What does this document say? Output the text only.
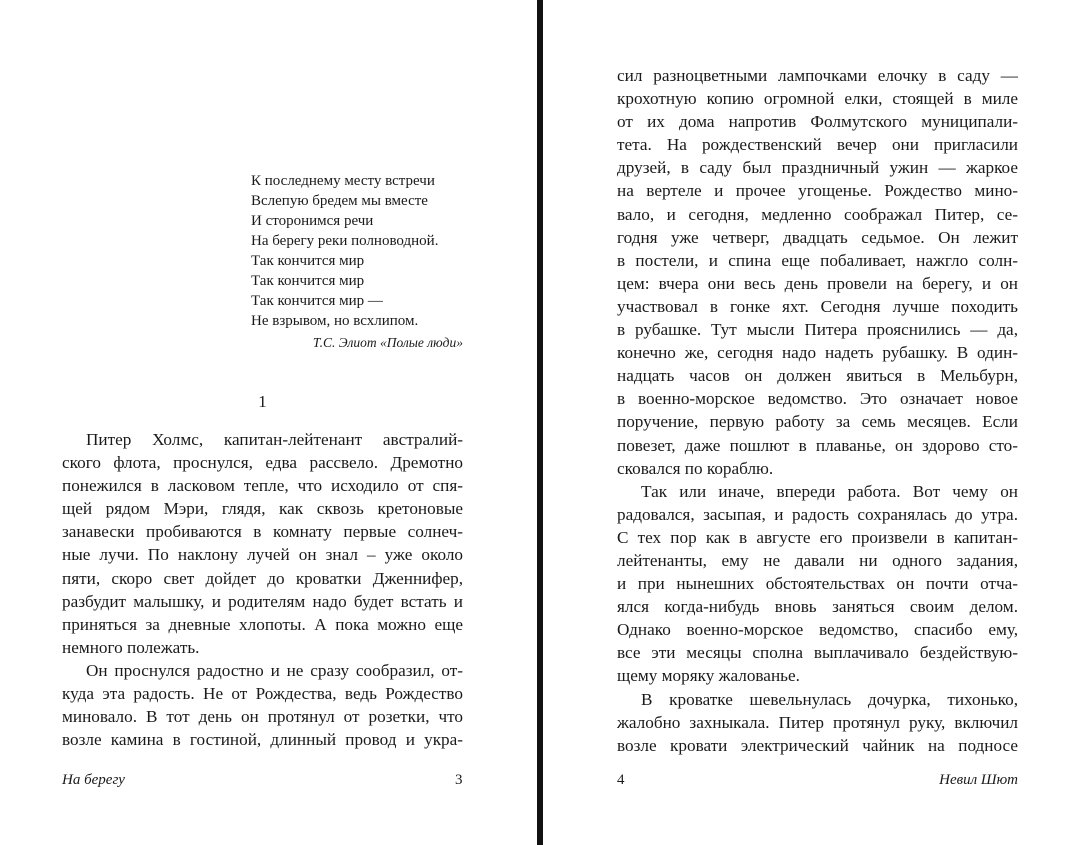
К последнему месту встречи
Вслепую бредем мы вместе
И сторонимся речи
На берегу реки полноводной.
Так кончится мир
Так кончится мир
Так кончится мир —
Не взрывом, но всхлипом.
Т.С. Элиот «Полые люди»
1
Питер Холмс, капитан-лейтенант австралий-
ского флота, проснулся, едва рассвело. Дремотно
понежился в ласковом тепле, что исходило от спя-
щей рядом Мэри, глядя, как сквозь кретоновые
занавески пробиваются в комнату первые солнеч-
ные лучи. По наклону лучей он знал – уже около
пяти, скоро свет дойдет до кроватки Дженнифер,
разбудит малышку, и родителям надо будет встать и
приняться за дневные хлопоты. А пока можно еще
немного полежать.
Он проснулся радостно и не сразу сообразил, от-
куда эта радость. Не от Рождества, ведь Рождество
миновало. В тот день он протянул от розетки, что
возле камина в гостиной, длинный провод и укра-
На берегу	3
сил разноцветными лампочками елочку в саду —
крохотную копию огромной елки, стоящей в миле
от их дома напротив Фолмутского муниципали-
тета. На рождественский вечер они пригласили
друзей, в саду был праздничный ужин — жаркое
на вертеле и прочее угощенье. Рождество мино-
вало, и сегодня, медленно соображал Питер, се-
годня уже четверг, двадцать седьмое. Он лежит
в постели, и спина еще побаливает, нажгло солн-
цем: вчера они весь день провели на берегу, и он
участвовал в гонке яхт. Сегодня лучше походить
в рубашке. Тут мысли Питера прояснились — да,
конечно же, сегодня надо надеть рубашку. В один-
надцать часов он должен явиться в Мельбурн,
в военно-морское ведомство. Это означает новое
поручение, первую работу за семь месяцев. Если
повезет, даже пошлют в плаванье, он здорово сто-
сковался по кораблю.
Так или иначе, впереди работа. Вот чему он
радовался, засыпая, и радость сохранялась до утра.
С тех пор как в августе его произвели в капитан-
лейтенанты, ему не давали ни одного задания,
и при нынешних обстоятельствах он почти отча-
ялся когда-нибудь вновь заняться своим делом.
Однако военно-морское ведомство, спасибо ему,
все эти месяцы сполна выплачивало бездействую-
щему моряку жалованье.
В кроватке шевельнулась дочурка, тихонько,
жалобно захныкала. Питер протянул руку, включил
возле кровати электрический чайник на подносе
4	Невил Шют
